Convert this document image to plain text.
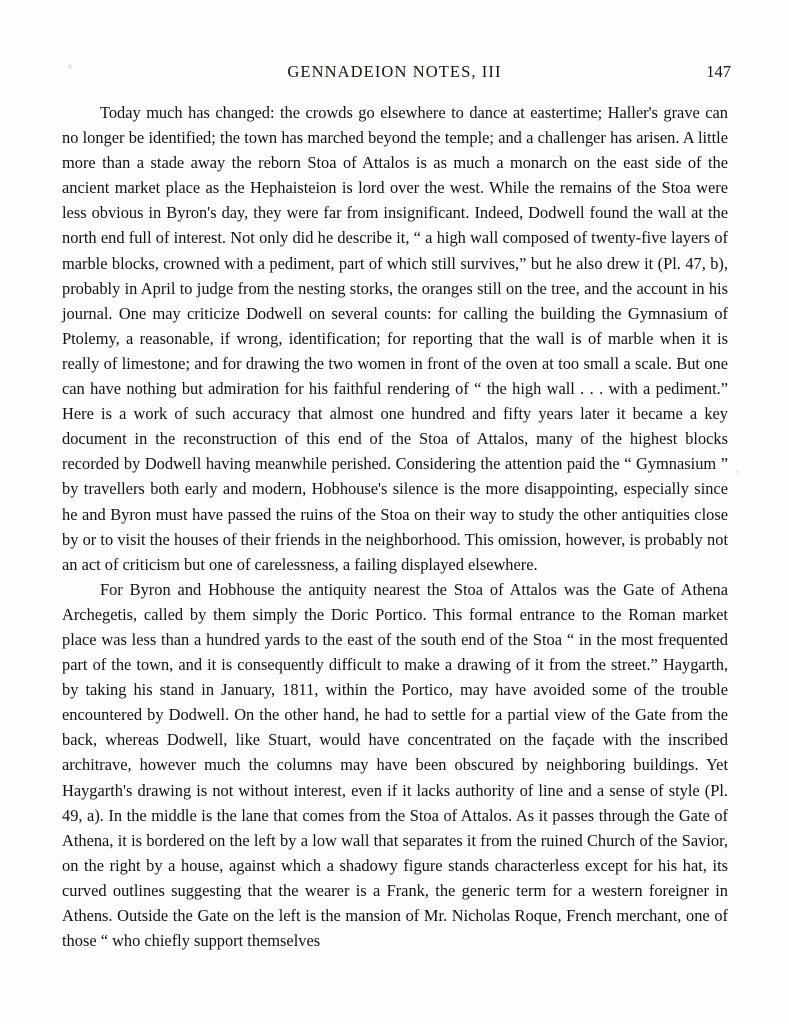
GENNADEION NOTES, III	147

Today much has changed: the crowds go elsewhere to dance at eastertime; Haller's grave can no longer be identified; the town has marched beyond the temple; and a challenger has arisen. A little more than a stade away the reborn Stoa of Attalos is as much a monarch on the east side of the ancient market place as the Hephaisteion is lord over the west. While the remains of the Stoa were less obvious in Byron's day, they were far from insignificant. Indeed, Dodwell found the wall at the north end full of interest. Not only did he describe it, “ a high wall composed of twenty-five layers of marble blocks, crowned with a pediment, part of which still survives,” but he also drew it (Pl. 47, b), probably in April to judge from the nesting storks, the oranges still on the tree, and the account in his journal. One may criticize Dodwell on several counts: for calling the building the Gymnasium of Ptolemy, a reasonable, if wrong, identification; for reporting that the wall is of marble when it is really of limestone; and for drawing the two women in front of the oven at too small a scale. But one can have nothing but admiration for his faithful rendering of “ the high wall . . . with a pediment.” Here is a work of such accuracy that almost one hundred and fifty years later it became a key document in the reconstruction of this end of the Stoa of Attalos, many of the highest blocks recorded by Dodwell having meanwhile perished. Considering the attention paid the “ Gymnasium ” by travellers both early and modern, Hobhouse's silence is the more disappointing, especially since he and Byron must have passed the ruins of the Stoa on their way to study the other antiquities close by or to visit the houses of their friends in the neighborhood. This omission, however, is probably not an act of criticism but one of carelessness, a failing displayed elsewhere.

For Byron and Hobhouse the antiquity nearest the Stoa of Attalos was the Gate of Athena Archegetis, called by them simply the Doric Portico. This formal entrance to the Roman market place was less than a hundred yards to the east of the south end of the Stoa “ in the most frequented part of the town, and it is consequently difficult to make a drawing of it from the street.” Haygarth, by taking his stand in January, 1811, within the Portico, may have avoided some of the trouble encountered by Dodwell. On the other hand, he had to settle for a partial view of the Gate from the back, whereas Dodwell, like Stuart, would have concentrated on the façade with the inscribed architrave, however much the columns may have been obscured by neighboring buildings. Yet Haygarth's drawing is not without interest, even if it lacks authority of line and a sense of style (Pl. 49, a). In the middle is the lane that comes from the Stoa of Attalos. As it passes through the Gate of Athena, it is bordered on the left by a low wall that separates it from the ruined Church of the Savior, on the right by a house, against which a shadowy figure stands characterless except for his hat, its curved outlines suggesting that the wearer is a Frank, the generic term for a western foreigner in Athens. Outside the Gate on the left is the mansion of Mr. Nicholas Roque, French merchant, one of those “ who chiefly support themselves
